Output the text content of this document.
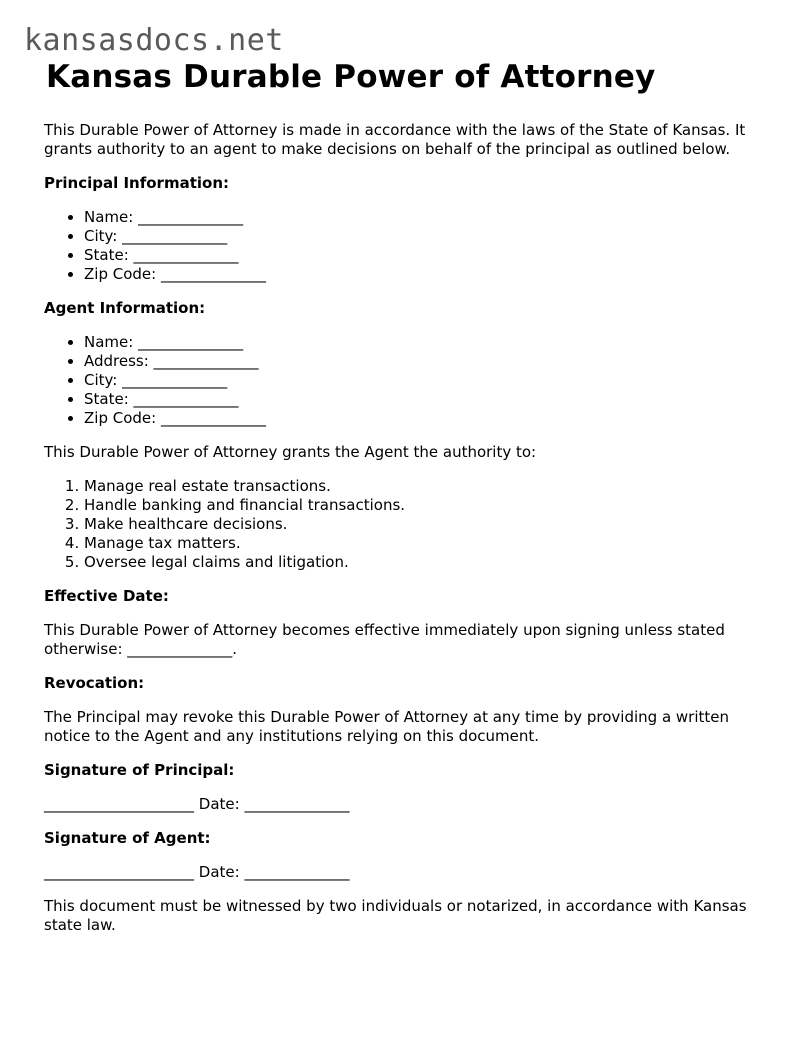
kansasdocs.net
Kansas Durable Power of Attorney

This Durable Power of Attorney is made in accordance with the laws of the State of Kansas. It grants authority to an agent to make decisions on behalf of the principal as outlined below.

Principal Information:

• Name: ______________
• City: ______________
• State: ______________
• Zip Code: ______________

Agent Information:

• Name: ______________
• Address: ______________
• City: ______________
• State: ______________
• Zip Code: ______________

This Durable Power of Attorney grants the Agent the authority to:

1. Manage real estate transactions.
2. Handle banking and financial transactions.
3. Make healthcare decisions.
4. Manage tax matters.
5. Oversee legal claims and litigation.

Effective Date:

This Durable Power of Attorney becomes effective immediately upon signing unless stated otherwise: ______________.

Revocation:

The Principal may revoke this Durable Power of Attorney at any time by providing a written notice to the Agent and any institutions relying on this document.

Signature of Principal:

____________________ Date: ______________

Signature of Agent:

____________________ Date: ______________

This document must be witnessed by two individuals or notarized, in accordance with Kansas state law.
